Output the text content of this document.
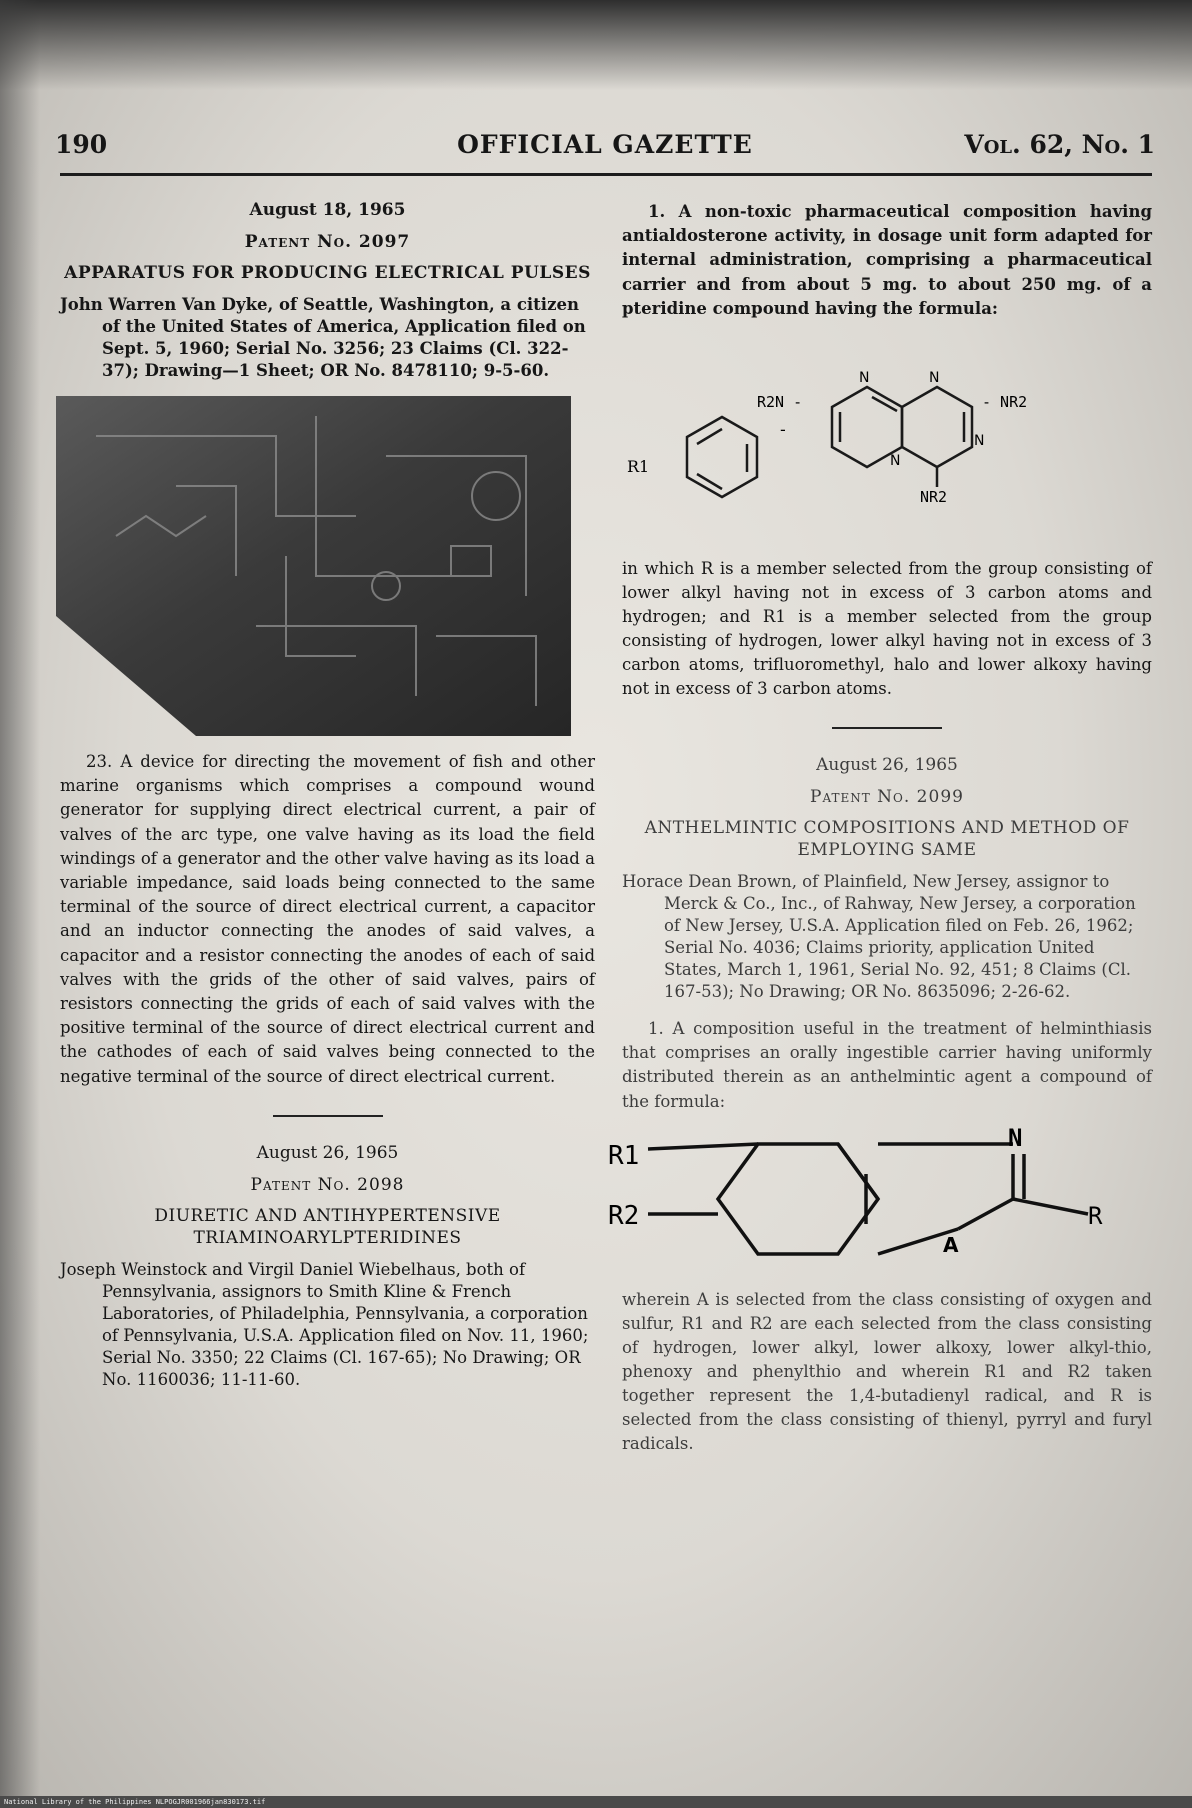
190	OFFICIAL GAZETTE	Vol. 62, No. 1

August 18, 1965

Patent No. 2097

APPARATUS FOR PRODUCING ELECTRICAL PULSES

John Warren Van Dyke, of Seattle, Washington, a citizen of the United States of America, Application filed on Sept. 5, 1960; Serial No. 3256; 23 Claims (Cl. 322-37); Drawing—1 Sheet; OR No. 8478110; 9-5-60.

23. A device for directing the movement of fish and other marine organisms which comprises a compound wound generator for supplying direct electrical current, a pair of valves of the arc type, one valve having as its load the field windings of a generator and the other valve having as its load a variable impedance, said loads being connected to the same terminal of the source of direct electrical current, a capacitor and an inductor connecting the anodes of said valves, a capacitor and a resistor connecting the anodes of each of said valves with the grids of the other of said valves, pairs of resistors connecting the grids of each of said valves with the positive terminal of the source of direct electrical current and the cathodes of each of said valves being connected to the negative terminal of the source of direct electrical current.

August 26, 1965

Patent No. 2098

DIURETIC AND ANTIHYPERTENSIVE TRIAMINOARYLPTERIDINES

Joseph Weinstock and Virgil Daniel Wiebelhaus, both of Pennsylvania, assignors to Smith Kline & French Laboratories, of Philadelphia, Pennsylvania, a corporation of Pennsylvania, U.S.A. Application filed on Nov. 11, 1960; Serial No. 3350; 22 Claims (Cl. 167-65); No Drawing; OR No. 1160036; 11-11-60.

1. A non-toxic pharmaceutical composition having antialdosterone activity, in dosage unit form adapted for internal administration, comprising a pharmaceutical carrier and from about 5 mg. to about 250 mg. of a pteridine compound having the formula:

R1
R2N -
-
- NR2
NR2
N	N
N
N

in which R is a member selected from the group consisting of lower alkyl having not in excess of 3 carbon atoms and hydrogen; and R1 is a member selected from the group consisting of hydrogen, lower alkyl having not in excess of 3 carbon atoms, trifluoromethyl, halo and lower alkoxy having not in excess of 3 carbon atoms.

August 26, 1965

Patent No. 2099

ANTHELMINTIC COMPOSITIONS AND METHOD OF EMPLOYING SAME

Horace Dean Brown, of Plainfield, New Jersey, assignor to Merck & Co., Inc., of Rahway, New Jersey, a corporation of New Jersey, U.S.A. Application filed on Feb. 26, 1962; Serial No. 4036; Claims priority, application United States, March 1, 1961, Serial No. 92, 451; 8 Claims (Cl. 167-53); No Drawing; OR No. 8635096; 2-26-62.

1. A composition useful in the treatment of helminthiasis that comprises an orally ingestible carrier having uniformly distributed therein as an anthelmintic agent a compound of the formula:

R1
R2
N
A
R

wherein A is selected from the class consisting of oxygen and sulfur, R1 and R2 are each selected from the class consisting of hydrogen, lower alkyl, lower alkoxy, lower alkyl-thio, phenoxy and phenylthio and wherein R1 and R2 taken together represent the 1,4-butadienyl radical, and R is selected from the class consisting of thienyl, pyrryl and furyl radicals.

National Library of the Philippines NLPOGJR001966jan830173.tif
